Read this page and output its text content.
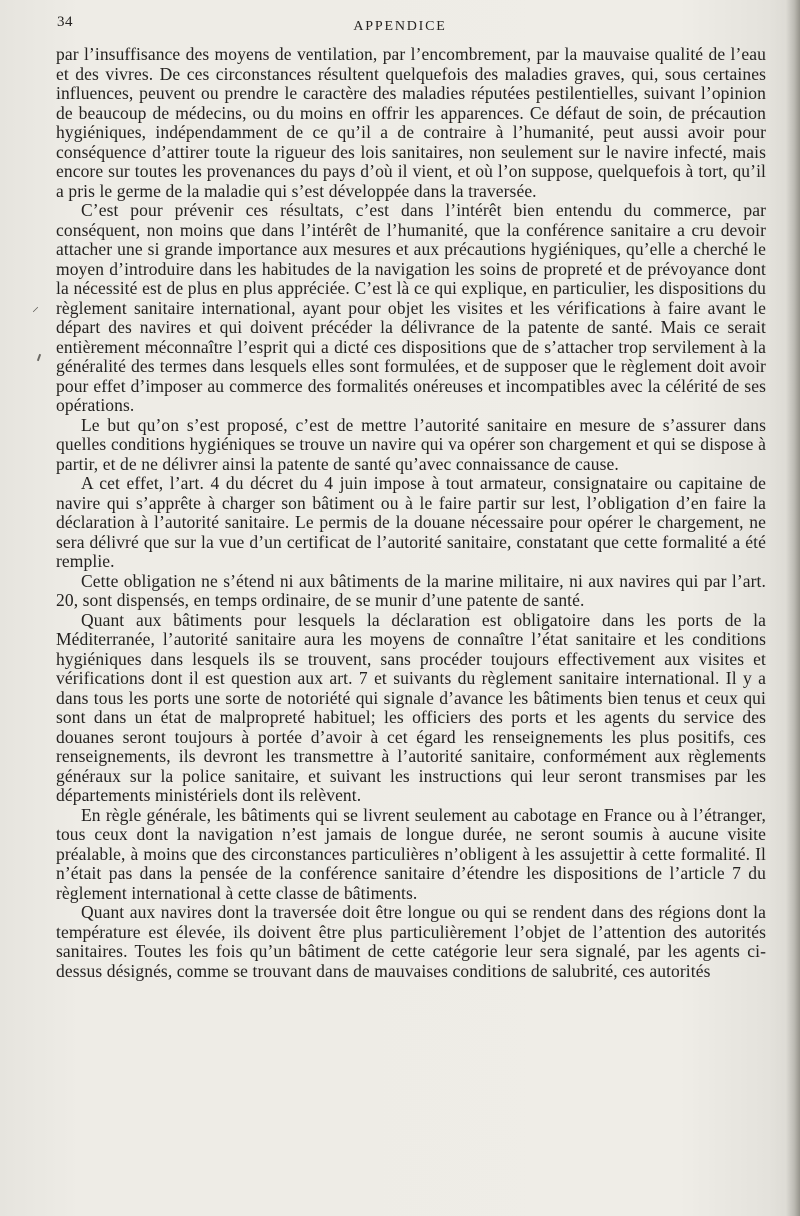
34	APPENDICE
⸝

par l’insuffisance des moyens de ventilation, par l’encombrement, par la mauvaise qualité de l’eau et des vivres. De ces circonstances résultent quelquefois des maladies graves, qui, sous certaines influences, peuvent ou prendre le caractère des maladies réputées pestilentielles, suivant l’opinion de beaucoup de médecins, ou du moins en offrir les apparences. Ce défaut de soin, de précaution hygiéniques, indépendamment de ce qu’il a de contraire à l’humanité, peut aussi avoir pour conséquence d’attirer toute la rigueur des lois sanitaires, non seulement sur le navire infecté, mais encore sur toutes les provenances du pays d’où il vient, et où l’on suppose, quelquefois à tort, qu’il a pris le germe de la maladie qui s’est développée dans la traversée.

C’est pour prévenir ces résultats, c’est dans l’intérêt bien entendu du commerce, par conséquent, non moins que dans l’intérêt de l’humanité, que la conférence sanitaire a cru devoir attacher une si grande importance aux mesures et aux précautions hygiéniques, qu’elle a cherché le moyen d’introduire dans les habitudes de la navigation les soins de propreté et de prévoyance dont la nécessité est de plus en plus appréciée. C’est là ce qui explique, en particulier, les dispositions du règlement sanitaire international, ayant pour objet les visites et les vérifications à faire avant le départ des navires et qui doivent précéder la délivrance de la patente de santé. Mais ce serait entièrement méconnaître l’esprit qui a dicté ces dispositions que de s’attacher trop servilement à la généralité des termes dans lesquels elles sont formulées, et de supposer que le règlement doit avoir pour effet d’imposer au commerce des formalités onéreuses et incompatibles avec la célérité de ses opérations.

Le but qu’on s’est proposé, c’est de mettre l’autorité sanitaire en mesure de s’assurer dans quelles conditions hygiéniques se trouve un navire qui va opérer son chargement et qui se dispose à partir, et de ne délivrer ainsi la patente de santé qu’avec connaissance de cause.

A cet effet, l’art. 4 du décret du 4 juin impose à tout armateur, consignataire ou capitaine de navire qui s’apprête à charger son bâtiment ou à le faire partir sur lest, l’obligation d’en faire la déclaration à l’autorité sanitaire. Le permis de la douane nécessaire pour opérer le chargement, ne sera délivré que sur la vue d’un certificat de l’autorité sanitaire, constatant que cette formalité a été remplie.

Cette obligation ne s’étend ni aux bâtiments de la marine militaire, ni aux navires qui par l’art. 20, sont dispensés, en temps ordinaire, de se munir d’une patente de santé.

Quant aux bâtiments pour lesquels la déclaration est obligatoire dans les ports de la Méditerranée, l’autorité sanitaire aura les moyens de connaître l’état sanitaire et les conditions hygiéniques dans lesquels ils se trouvent, sans procéder toujours effectivement aux visites et vérifications dont il est question aux art. 7 et suivants du règlement sanitaire international. Il y a dans tous les ports une sorte de notoriété qui signale d’avance les bâtiments bien tenus et ceux qui sont dans un état de malpropreté habituel; les officiers des ports et les agents du service des douanes seront toujours à portée d’avoir à cet égard les renseignements les plus positifs, ces renseignements, ils devront les transmettre à l’autorité sanitaire, conformément aux règlements généraux sur la police sanitaire, et suivant les instructions qui leur seront transmises par les départements ministériels dont ils relèvent.

En règle générale, les bâtiments qui se livrent seulement au cabotage en France ou à l’étranger, tous ceux dont la navigation n’est jamais de longue durée, ne seront soumis à aucune visite préalable, à moins que des circonstances particulières n’obligent à les assujettir à cette formalité. Il n’était pas dans la pensée de la conférence sanitaire d’étendre les dispositions de l’article 7 du règlement international à cette classe de bâtiments.

Quant aux navires dont la traversée doit être longue ou qui se rendent dans des régions dont la température est élevée, ils doivent être plus particulièrement l’objet de l’attention des autorités sanitaires. Toutes les fois qu’un bâtiment de cette catégorie leur sera signalé, par les agents ci-dessus désignés, comme se trouvant dans de mauvaises conditions de salubrité, ces autorités
